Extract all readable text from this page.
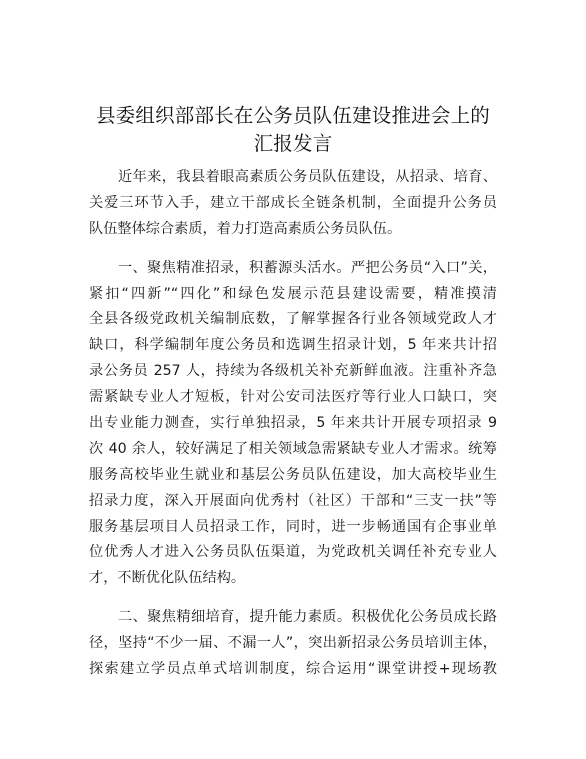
县委组织部部长在公务员队伍建设推进会上的
汇报发言
近年来，我县着眼高素质公务员队伍建设，从招录、培育、
关爱三环节入手，建立干部成长全链条机制，全面提升公务员
队伍整体综合素质，着力打造高素质公务员队伍。
一、聚焦精准招录，积蓄源头活水。严把公务员“入口”关，
紧扣“四新”“四化”和绿色发展示范县建设需要，精准摸清
全县各级党政机关编制底数，了解掌握各行业各领域党政人才
缺口，科学编制年度公务员和选调生招录计划，5 年来共计招
录公务员 257 人，持续为各级机关补充新鲜血液。注重补齐急
需紧缺专业人才短板，针对公安司法医疗等行业人口缺口，突
出专业能力测查，实行单独招录，5 年来共计开展专项招录 9
次 40 余人，较好满足了相关领域急需紧缺专业人才需求。统筹
服务高校毕业生就业和基层公务员队伍建设，加大高校毕业生
招录力度，深入开展面向优秀村（社区）干部和“三支一扶”等
服务基层项目人员招录工作，同时，进一步畅通国有企事业单
位优秀人才进入公务员队伍渠道，为党政机关调任补充专业人
才，不断优化队伍结构。
二、聚焦精细培育，提升能力素质。积极优化公务员成长路
径，坚持“不少一届、不漏一人”，突出新招录公务员培训主体，
探索建立学员点单式培训制度，综合运用“课堂讲授+现场教
